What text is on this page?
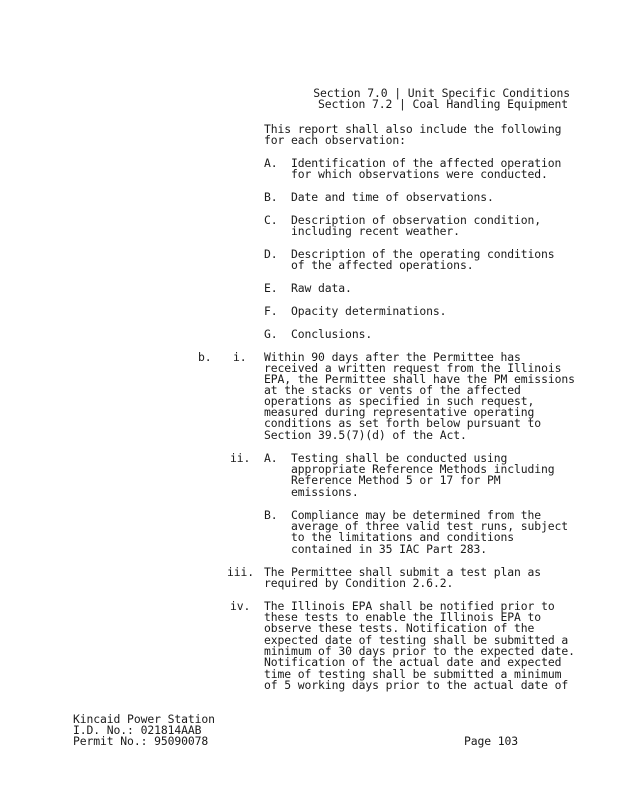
Section 7.0 | Unit Specific Conditions
Section 7.2 | Coal Handling Equipment
This report shall also include the following
for each observation:
A. Identification of the affected operation
for which observations were conducted.
B. Date and time of observations.
C. Description of observation condition,
including recent weather.
D. Description of the operating conditions
of the affected operations.
E. Raw data.
F. Opacity determinations.
G. Conclusions.
b. i. Within 90 days after the Permittee has
received a written request from the Illinois
EPA, the Permittee shall have the PM emissions
at the stacks or vents of the affected
operations as specified in such request,
measured during representative operating
conditions as set forth below pursuant to
Section 39.5(7)(d) of the Act.
ii. A. Testing shall be conducted using
appropriate Reference Methods including
Reference Method 5 or 17 for PM
emissions.
B. Compliance may be determined from the
average of three valid test runs, subject
to the limitations and conditions
contained in 35 IAC Part 283.
iii. The Permittee shall submit a test plan as
required by Condition 2.6.2.
iv. The Illinois EPA shall be notified prior to
these tests to enable the Illinois EPA to
observe these tests. Notification of the
expected date of testing shall be submitted a
minimum of 30 days prior to the expected date.
Notification of the actual date and expected
time of testing shall be submitted a minimum
of 5 working days prior to the actual date of
Kincaid Power Station
I.D. No.: 021814AAB
Permit No.: 95090078	Page 103
